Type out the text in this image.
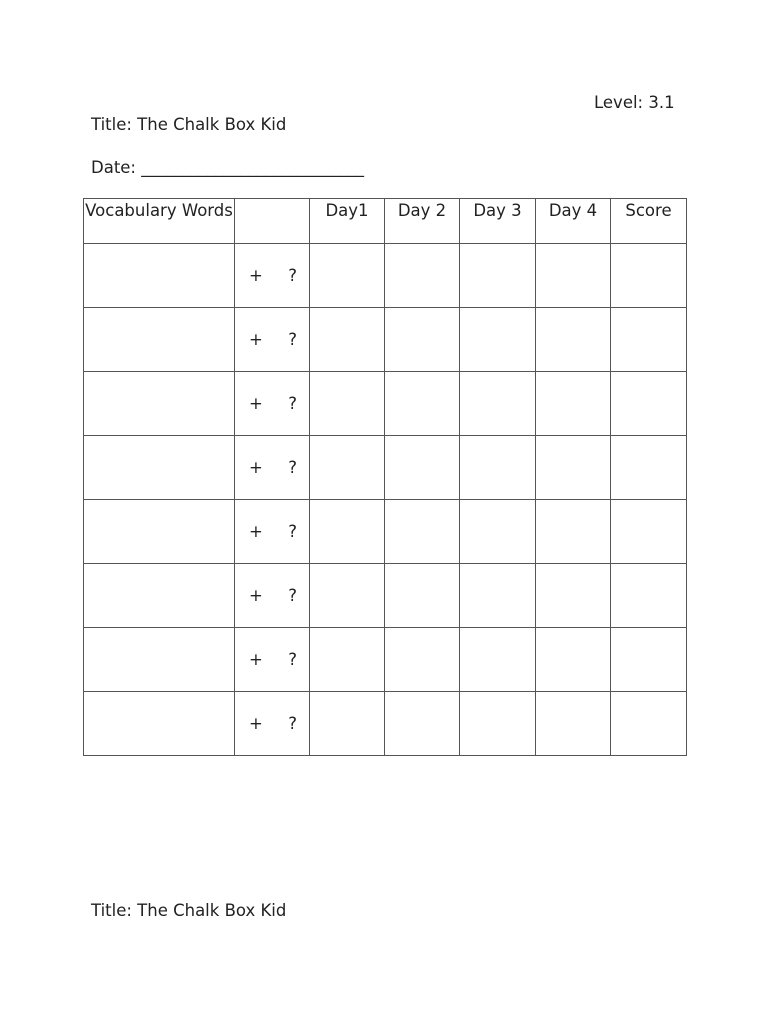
Level: 3.1
Title: The Chalk Box Kid
Date: ___________________________
Vocabulary Words		Day1	Day 2	Day 3	Day 4	Score

	+ ?					

	+ ?					

	+ ?					

	+ ?					

	+ ?					

	+ ?					

	+ ?					

	+ ?					

Title: The Chalk Box Kid
